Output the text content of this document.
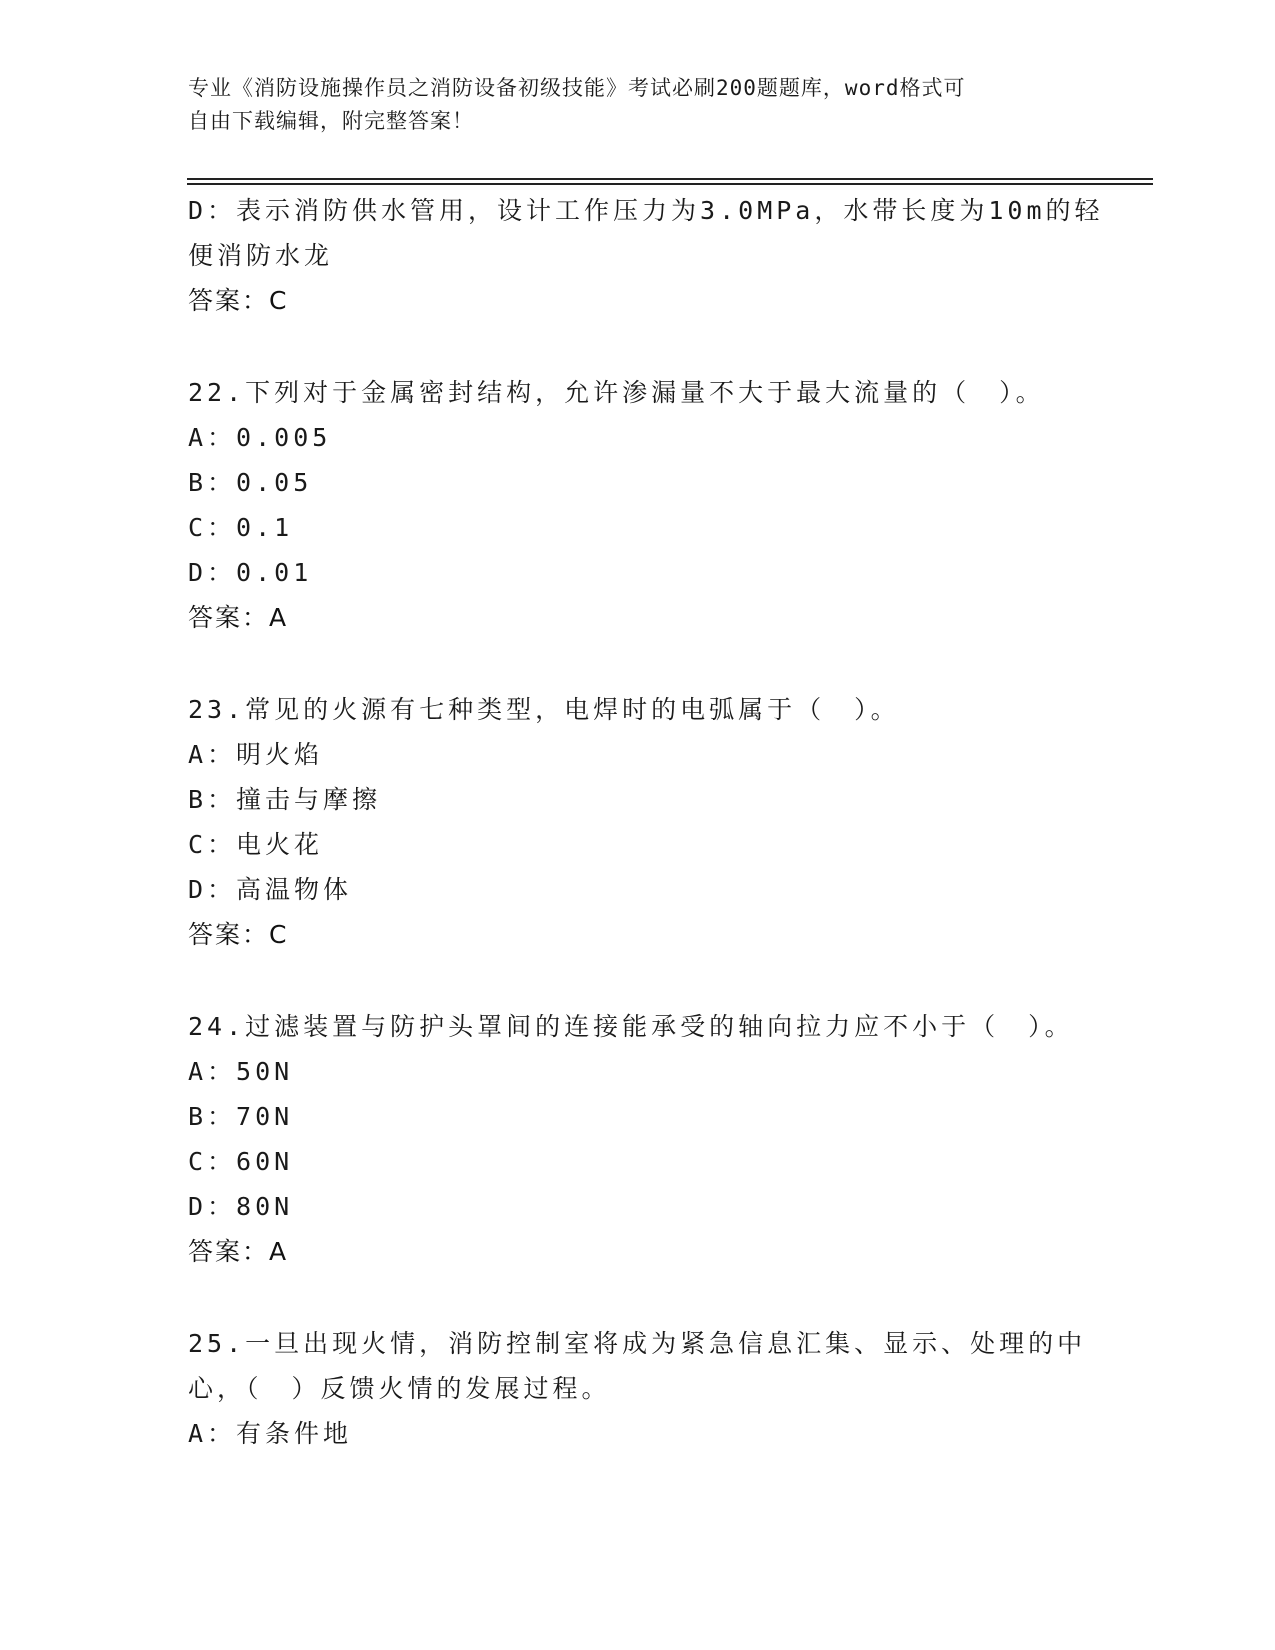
专业《消防设施操作员之消防设备初级技能》考试必刷200题题库，word格式可
自由下载编辑，附完整答案！
D：表示消防供水管用，设计工作压力为3.0MPa，水带长度为10m的轻
便消防水龙
答案：C
22.下列对于金属密封结构，允许渗漏量不大于最大流量的（　）。
A：0.005
B：0.05
C：0.1
D：0.01
答案：A
23.常见的火源有七种类型，电焊时的电弧属于（　）。
A：明火焰
B：撞击与摩擦
C：电火花
D：高温物体
答案：C
24.过滤装置与防护头罩间的连接能承受的轴向拉力应不小于（　）。
A：50N
B：70N
C：60N
D：80N
答案：A
25.一旦出现火情，消防控制室将成为紧急信息汇集、显示、处理的中
心，（　）反馈火情的发展过程。
A：有条件地
